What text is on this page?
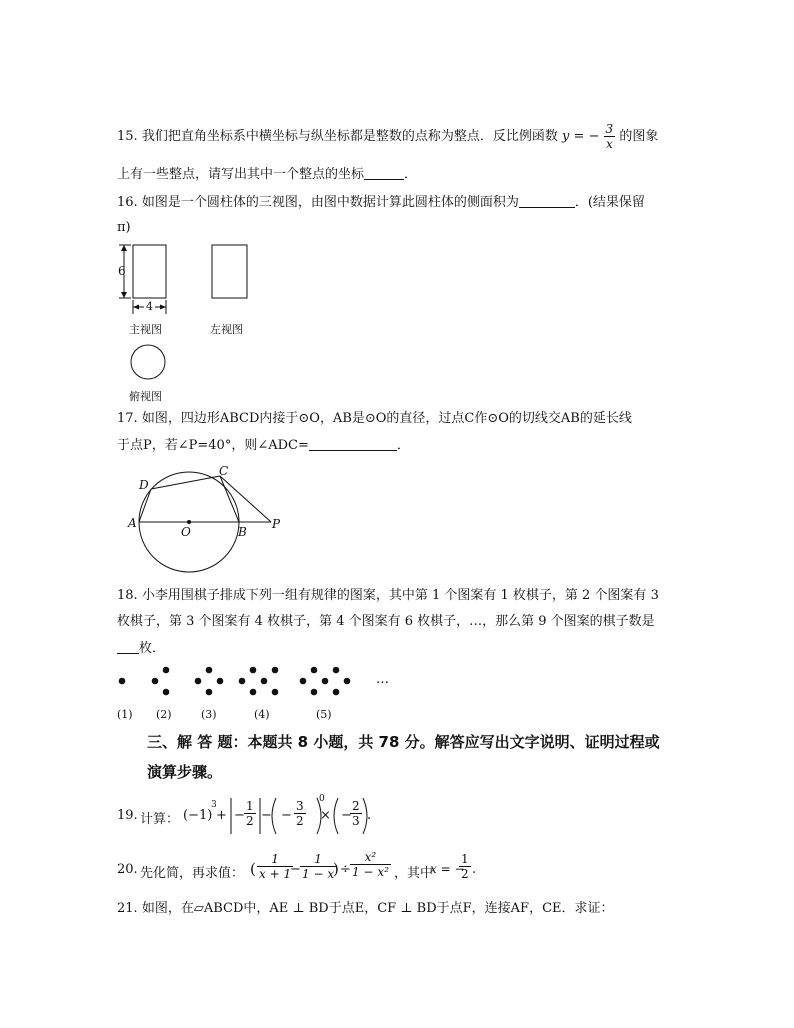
15. 我们把直角坐标系中横坐标与纵坐标都是整数的点称为整点．反比例函数 y = − $\frac{3}{x}$ 的图象
上有一些整点，请写出其中一个整点的坐标	．
16. 如图是一个圆柱体的三视图，由图中数据计算此圆柱体的侧面积为	．(结果保留
π)
6
4
主视图	左视图
俯视图
17. 如图，四边形ABCD内接于⊙O，AB是⊙O的直径，过点C作⊙O的切线交AB的延长线
于点P，若∠P=40°，则∠ADC=	．
D
C
A
O	B
P
18. 小李用围棋子排成下列一组有规律的图案，其中第 1 个图案有 1 枚棋子，第 2 个图案有 3
枚棋子，第 3 个图案有 4 枚棋子，第 4 个图案有 6 枚棋子，…，那么第 9 个图案的棋子数是
枚．
…
(1) (2)	(3)	(4)	(5)
三、解 答 题：本题共 8 小题，共 78 分。解答应写出文字说明、证明过程或
演算步骤。
19. 计算： (−1)
3
+ − $\frac{1}{2}$ − − $\frac{3}{2} 0$
× −
$\frac{2}{3}$ .
20. 先化简，再求值： ( $\frac{1}{x + 1}$
− $\frac{1}{1 - x}$
) ÷ $\frac{\text{x²}}{\text{1 − x²}}$ ，其中
x = −
$\frac{1}{2}$ .
21. 如图，在▱ABCD中，AE ⊥ BD于点E，CF ⊥ BD于点F，连接AF，CE．求证：
